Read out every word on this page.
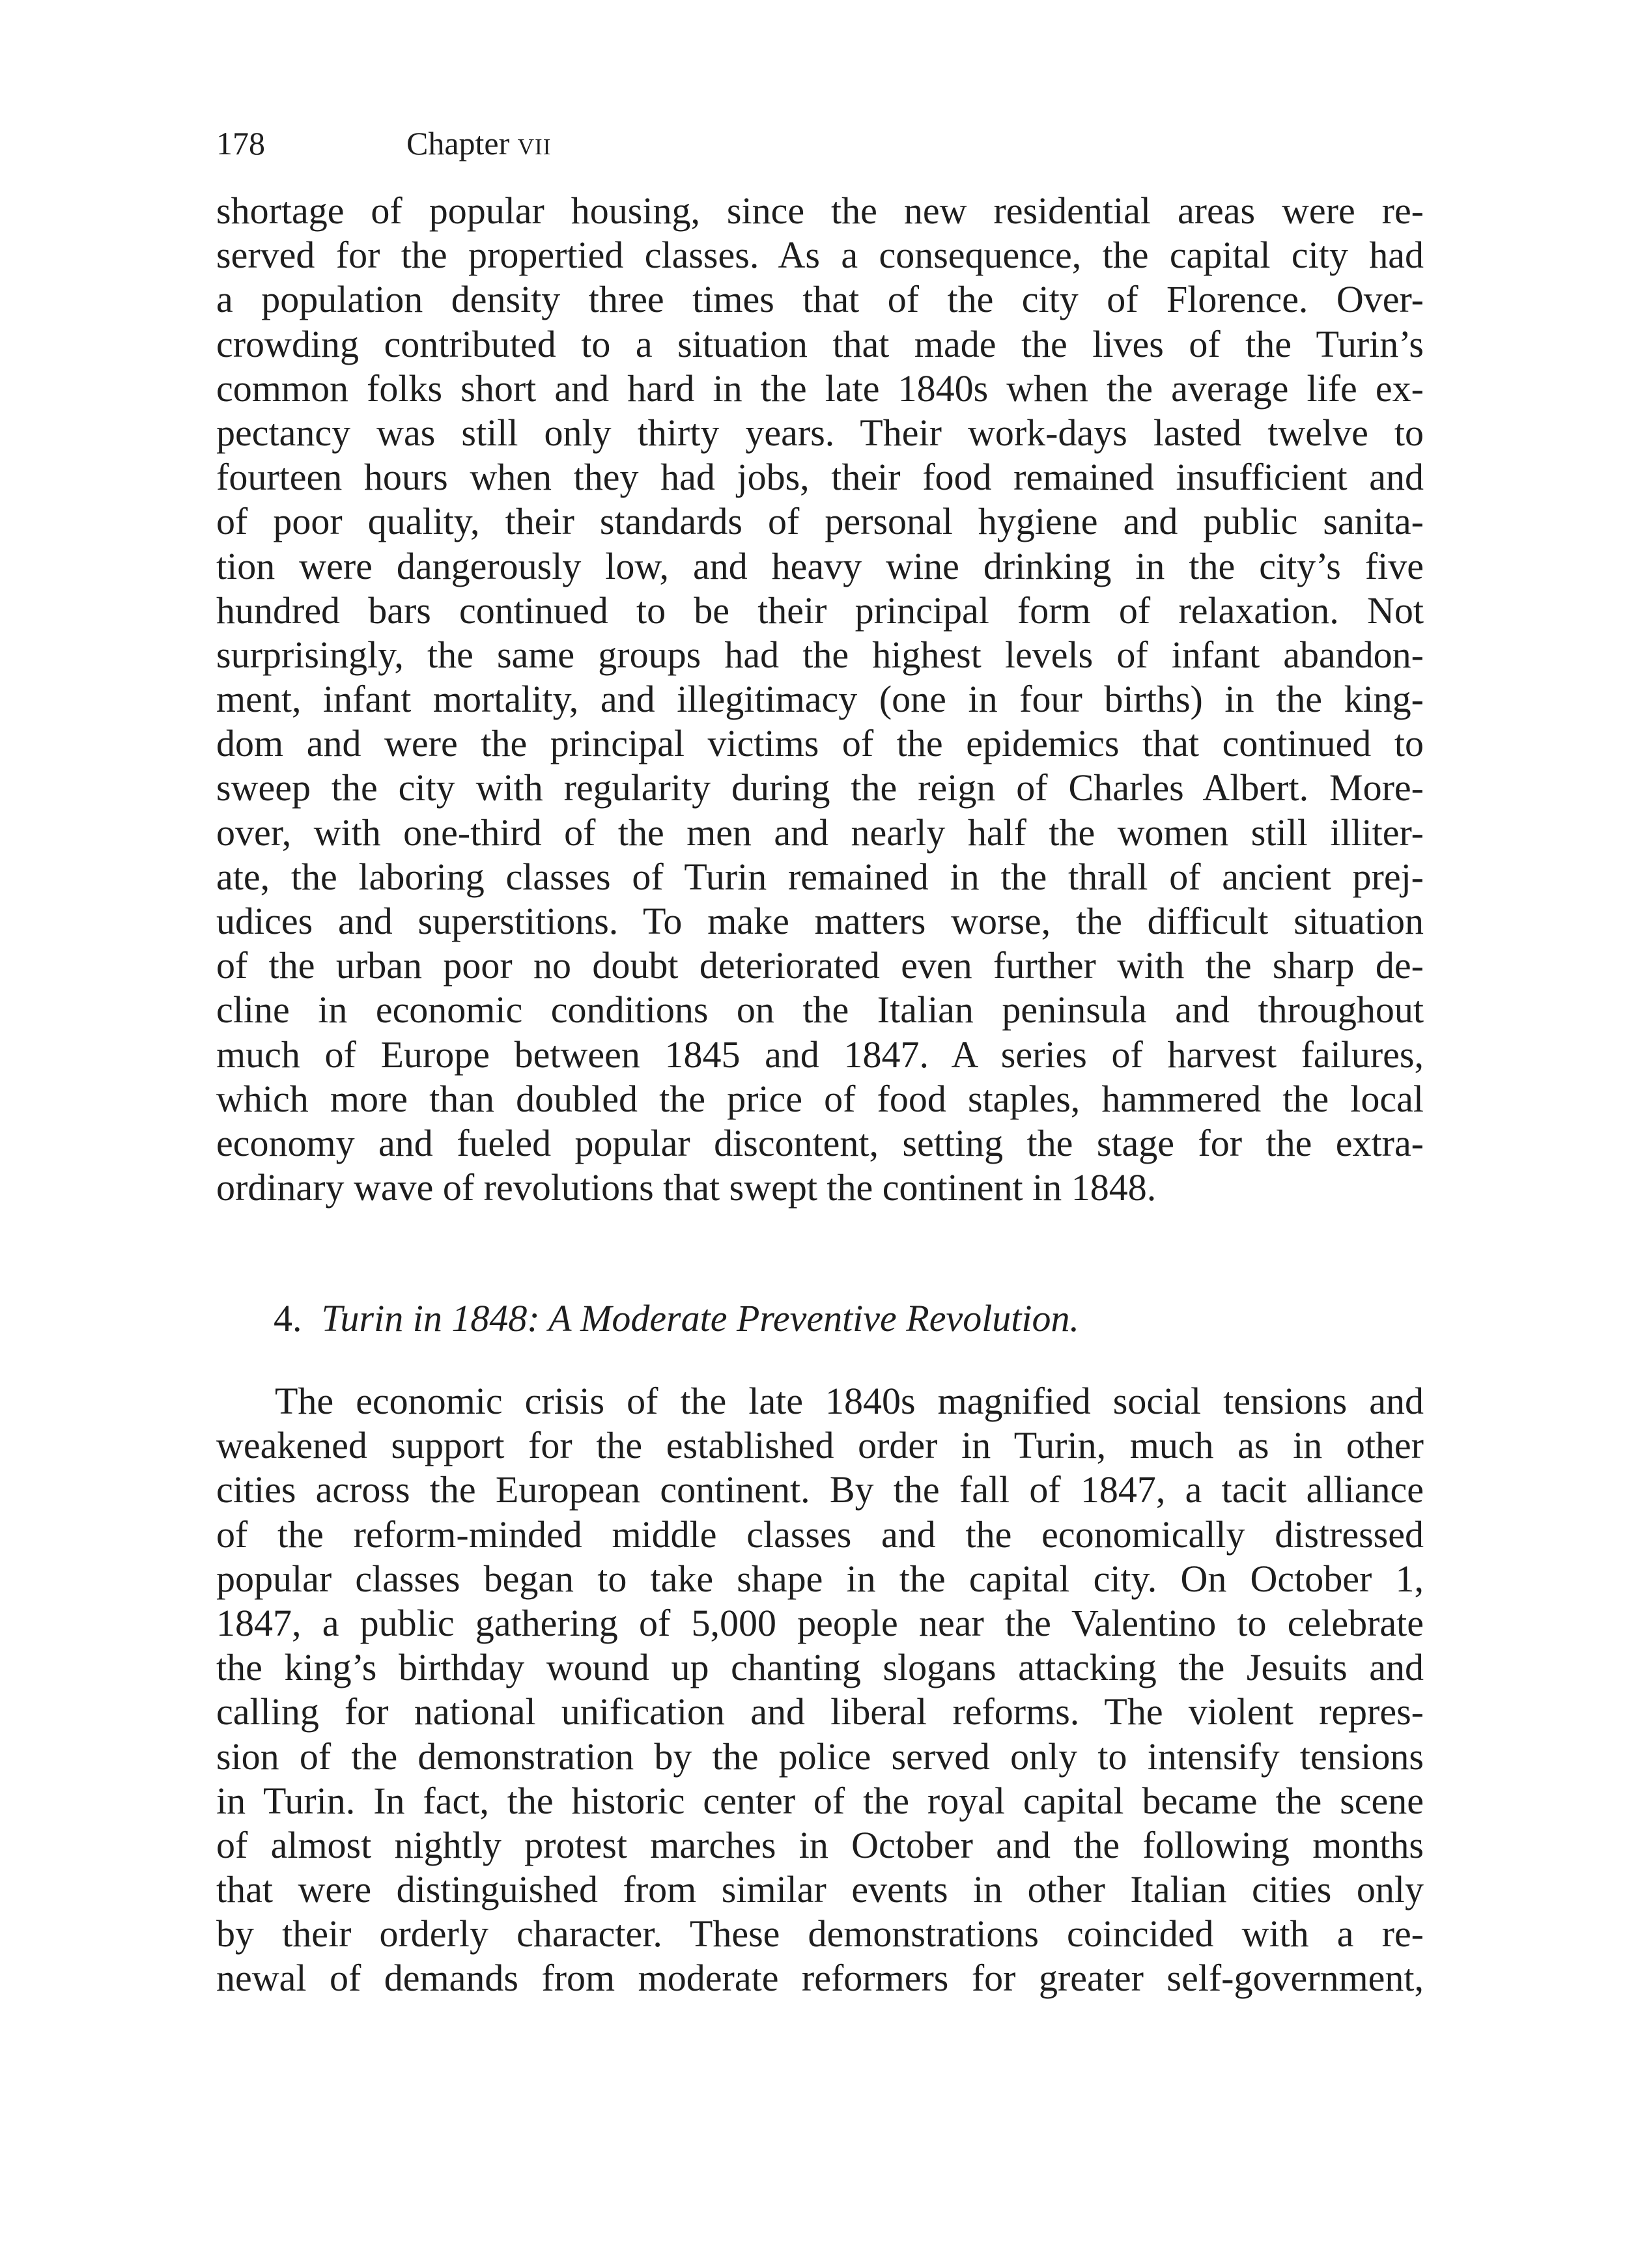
178	Chapter vii
shortage of popular housing, since the new residential areas were re-
served for the propertied classes. As a consequence, the capital city had
a population density three times that of the city of Florence. Over-
crowding contributed to a situation that made the lives of the Turin’s
common folks short and hard in the late 1840s when the average life ex-
pectancy was still only thirty years. Their work-days lasted twelve to
fourteen hours when they had jobs, their food remained insufficient and
of poor quality, their standards of personal hygiene and public sanita-
tion were dangerously low, and heavy wine drinking in the city’s five
hundred bars continued to be their principal form of relaxation. Not
surprisingly, the same groups had the highest levels of infant abandon-
ment, infant mortality, and illegitimacy (one in four births) in the king-
dom and were the principal victims of the epidemics that continued to
sweep the city with regularity during the reign of Charles Albert. More-
over, with one-third of the men and nearly half the women still illiter-
ate, the laboring classes of Turin remained in the thrall of ancient prej-
udices and superstitions. To make matters worse, the difficult situation
of the urban poor no doubt deteriorated even further with the sharp de-
cline in economic conditions on the Italian peninsula and throughout
much of Europe between 1845 and 1847. A series of harvest failures,
which more than doubled the price of food staples, hammered the local
economy and fueled popular discontent, setting the stage for the extra-
ordinary wave of revolutions that swept the continent in 1848.
4. Turin in 1848: A Moderate Preventive Revolution.
The economic crisis of the late 1840s magnified social tensions and
weakened support for the established order in Turin, much as in other
cities across the European continent. By the fall of 1847, a tacit alliance
of the reform-minded middle classes and the economically distressed
popular classes began to take shape in the capital city. On October 1,
1847, a public gathering of 5,000 people near the Valentino to celebrate
the king’s birthday wound up chanting slogans attacking the Jesuits and
calling for national unification and liberal reforms. The violent repres-
sion of the demonstration by the police served only to intensify tensions
in Turin. In fact, the historic center of the royal capital became the scene
of almost nightly protest marches in October and the following months
that were distinguished from similar events in other Italian cities only
by their orderly character. These demonstrations coincided with a re-
newal of demands from moderate reformers for greater self-government,
